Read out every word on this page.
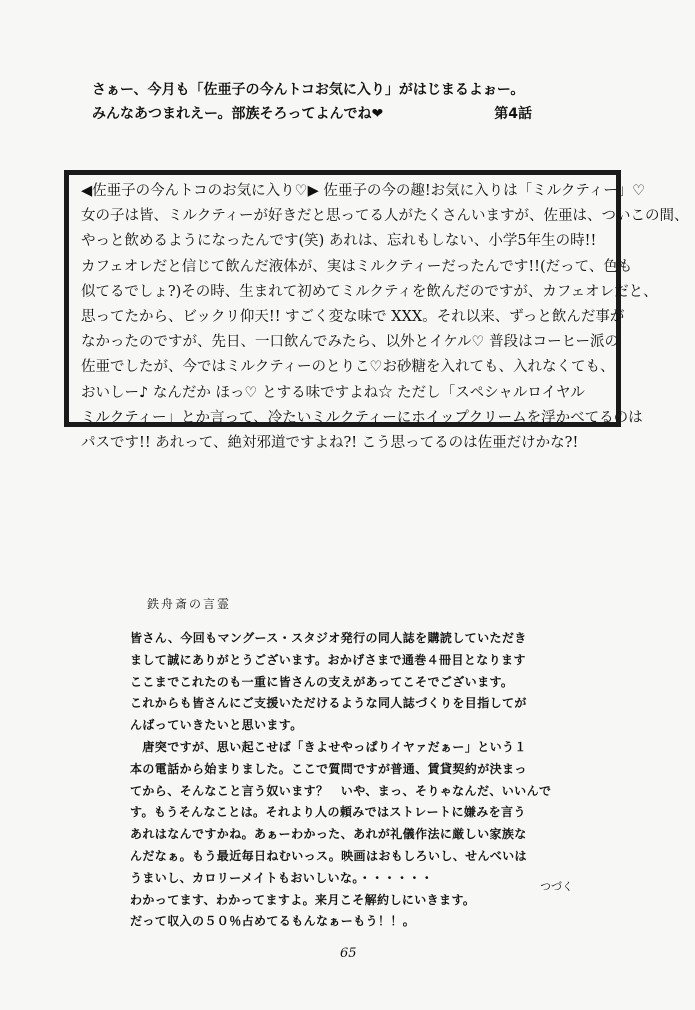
さぁー、今月も「佐亜子の今んトコお気に入り」がはじまるよぉー。
みんなあつまれえー。部族そろってよんでね❤	第4話
◀佐亜子の今んトコのお気に入り♡▶ 佐亜子の今の趣!お気に入りは「ミルクティー」♡
女の子は皆、ミルクティーが好きだと思ってる人がたくさんいますが、佐亜は、ついこの間、
やっと飲めるようになったんです(笑) あれは、忘れもしない、小学5年生の時!!
カフェオレだと信じて飲んだ液体が、実はミルクティーだったんです!!(だって、色も
似てるでしょ?)その時、生まれて初めてミルクティを飲んだのですが、カフェオレだと、
思ってたから、ビックリ仰天!! すごく変な味で XXX。それ以来、ずっと飲んだ事が
なかったのですが、先日、一口飲んでみたら、以外とイケル♡ 普段はコーヒー派の
佐亜でしたが、今ではミルクティーのとりこ♡お砂糖を入れても、入れなくても、
おいしー♪ なんだか ほっ♡ とする味ですよね☆ ただし「スペシャルロイヤル
ミルクティー」とか言って、冷たいミルクティーにホイップクリームを浮かべてるのは
パスです!! あれって、絶対邪道ですよね?! こう思ってるのは佐亜だけかな?!
鉄舟斎の言霊
皆さん、今回もマングース・スタジオ発行の同人誌を購読していただき
まして誠にありがとうございます。おかげさまで通巻４冊目となります
ここまでこれたのも一重に皆さんの支えがあってこそでございます。
これからも皆さんにご支援いただけるような同人誌づくりを目指してが
んばっていきたいと思います。
　唐突ですが、思い起こせば「きよせやっぱりイヤァだぁー」という１
本の電話から始まりました。ここで質問ですが普通、賃貸契約が決まっ
てから、そんなこと言う奴います？　いや、まっ、そりゃなんだ、いいんで
す。もうそんなことは。それより人の頼みではストレートに嫌みを言う
あれはなんですかね。あぁーわかった、あれが礼儀作法に厳しい家族な
んだなぁ。もう最近毎日ねむいっス。映画はおもしろいし、せんべいは
うまいし、カロリーメイトもおいしいな。・・・・・・
わかってます、わかってますよ。来月こそ解約しにいきます。
だって収入の５０％占めてるもんなぁーもう！！。
つづく
65
